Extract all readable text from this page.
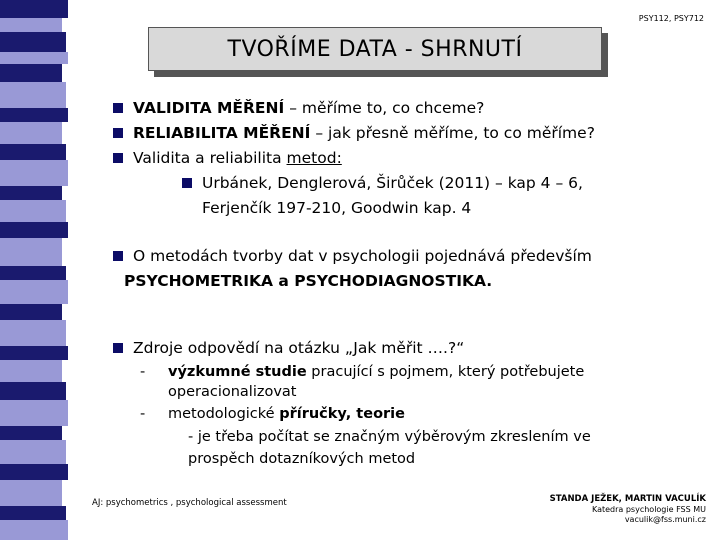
PSY112, PSY712
TVOŘÍME DATA - SHRNUTÍ
VALIDITA MĚŘENÍ – měříme to, co chceme?
RELIABILITA MĚŘENÍ – jak přesně měříme, to co měříme?
Validita a reliabilita metod:
Urbánek, Denglerová, Širůček (2011) – kap 4 – 6,
Ferjenčík 197-210, Goodwin kap. 4
O metodách tvorby dat v psychologii pojednává především
PSYCHOMETRIKA a PSYCHODIAGNOSTIKA.
Zdroje odpovědí na otázku „Jak měřit ….?“
- výzkumné studie pracující s pojmem, který potřebujete
operacionalizovat
- metodologické příručky, teorie
- je třeba počítat se značným výběrovým zkreslením ve
prospěch dotazníkových metod
AJ: psychometrics , psychological assessment	STANDA JEŽEK, MARTIN VACULÍK
Katedra psychologie FSS MU
vaculik@fss.muni.cz
